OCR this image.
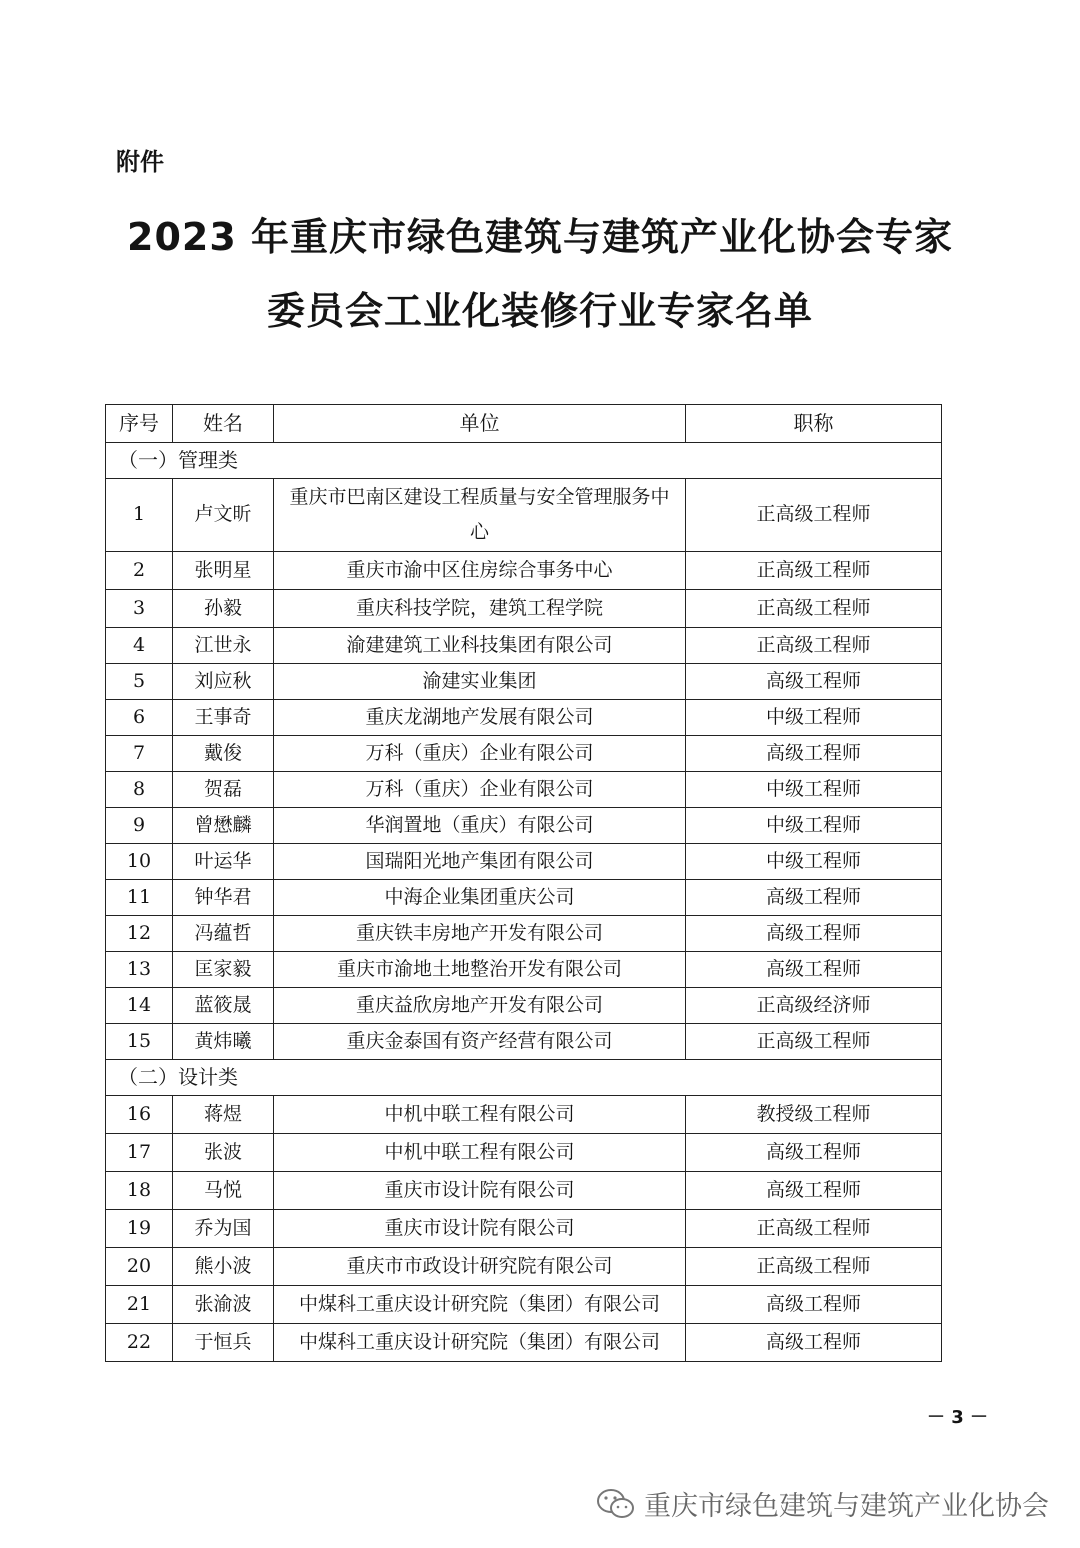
附件
2023 年重庆市绿色建筑与建筑产业化协会专家
委员会工业化装修行业专家名单
序号	姓名	单位	职称
（一）管理类			
1	卢文昕	重庆市巴南区建设工程质量与安全管理服务中心	正高级工程师
2	张明星	重庆市渝中区住房综合事务中心	正高级工程师
3	孙毅	重庆科技学院，建筑工程学院	正高级工程师
4	江世永	渝建建筑工业科技集团有限公司	正高级工程师
5	刘应秋	渝建实业集团	高级工程师
6	王事奇	重庆龙湖地产发展有限公司	中级工程师
7	戴俊	万科（重庆）企业有限公司	高级工程师
8	贺磊	万科（重庆）企业有限公司	中级工程师
9	曾懋麟	华润置地（重庆）有限公司	中级工程师
10	叶运华	国瑞阳光地产集团有限公司	中级工程师
11	钟华君	中海企业集团重庆公司	高级工程师
12	冯蕴哲	重庆铁丰房地产开发有限公司	高级工程师
13	匡家毅	重庆市渝地土地整治开发有限公司	高级工程师
14	蓝筱晟	重庆益欣房地产开发有限公司	正高级经济师
15	黄炜曦	重庆金泰国有资产经营有限公司	正高级工程师
（二）设计类			
16	蒋煜	中机中联工程有限公司	教授级工程师
17	张波	中机中联工程有限公司	高级工程师
18	马悦	重庆市设计院有限公司	高级工程师
19	乔为国	重庆市设计院有限公司	正高级工程师
20	熊小波	重庆市市政设计研究院有限公司	正高级工程师
21	张渝波	中煤科工重庆设计研究院（集团）有限公司	高级工程师
22	于恒兵	中煤科工重庆设计研究院（集团）有限公司	高级工程师
－ 3 －
重庆市绿色建筑与建筑产业化协会
